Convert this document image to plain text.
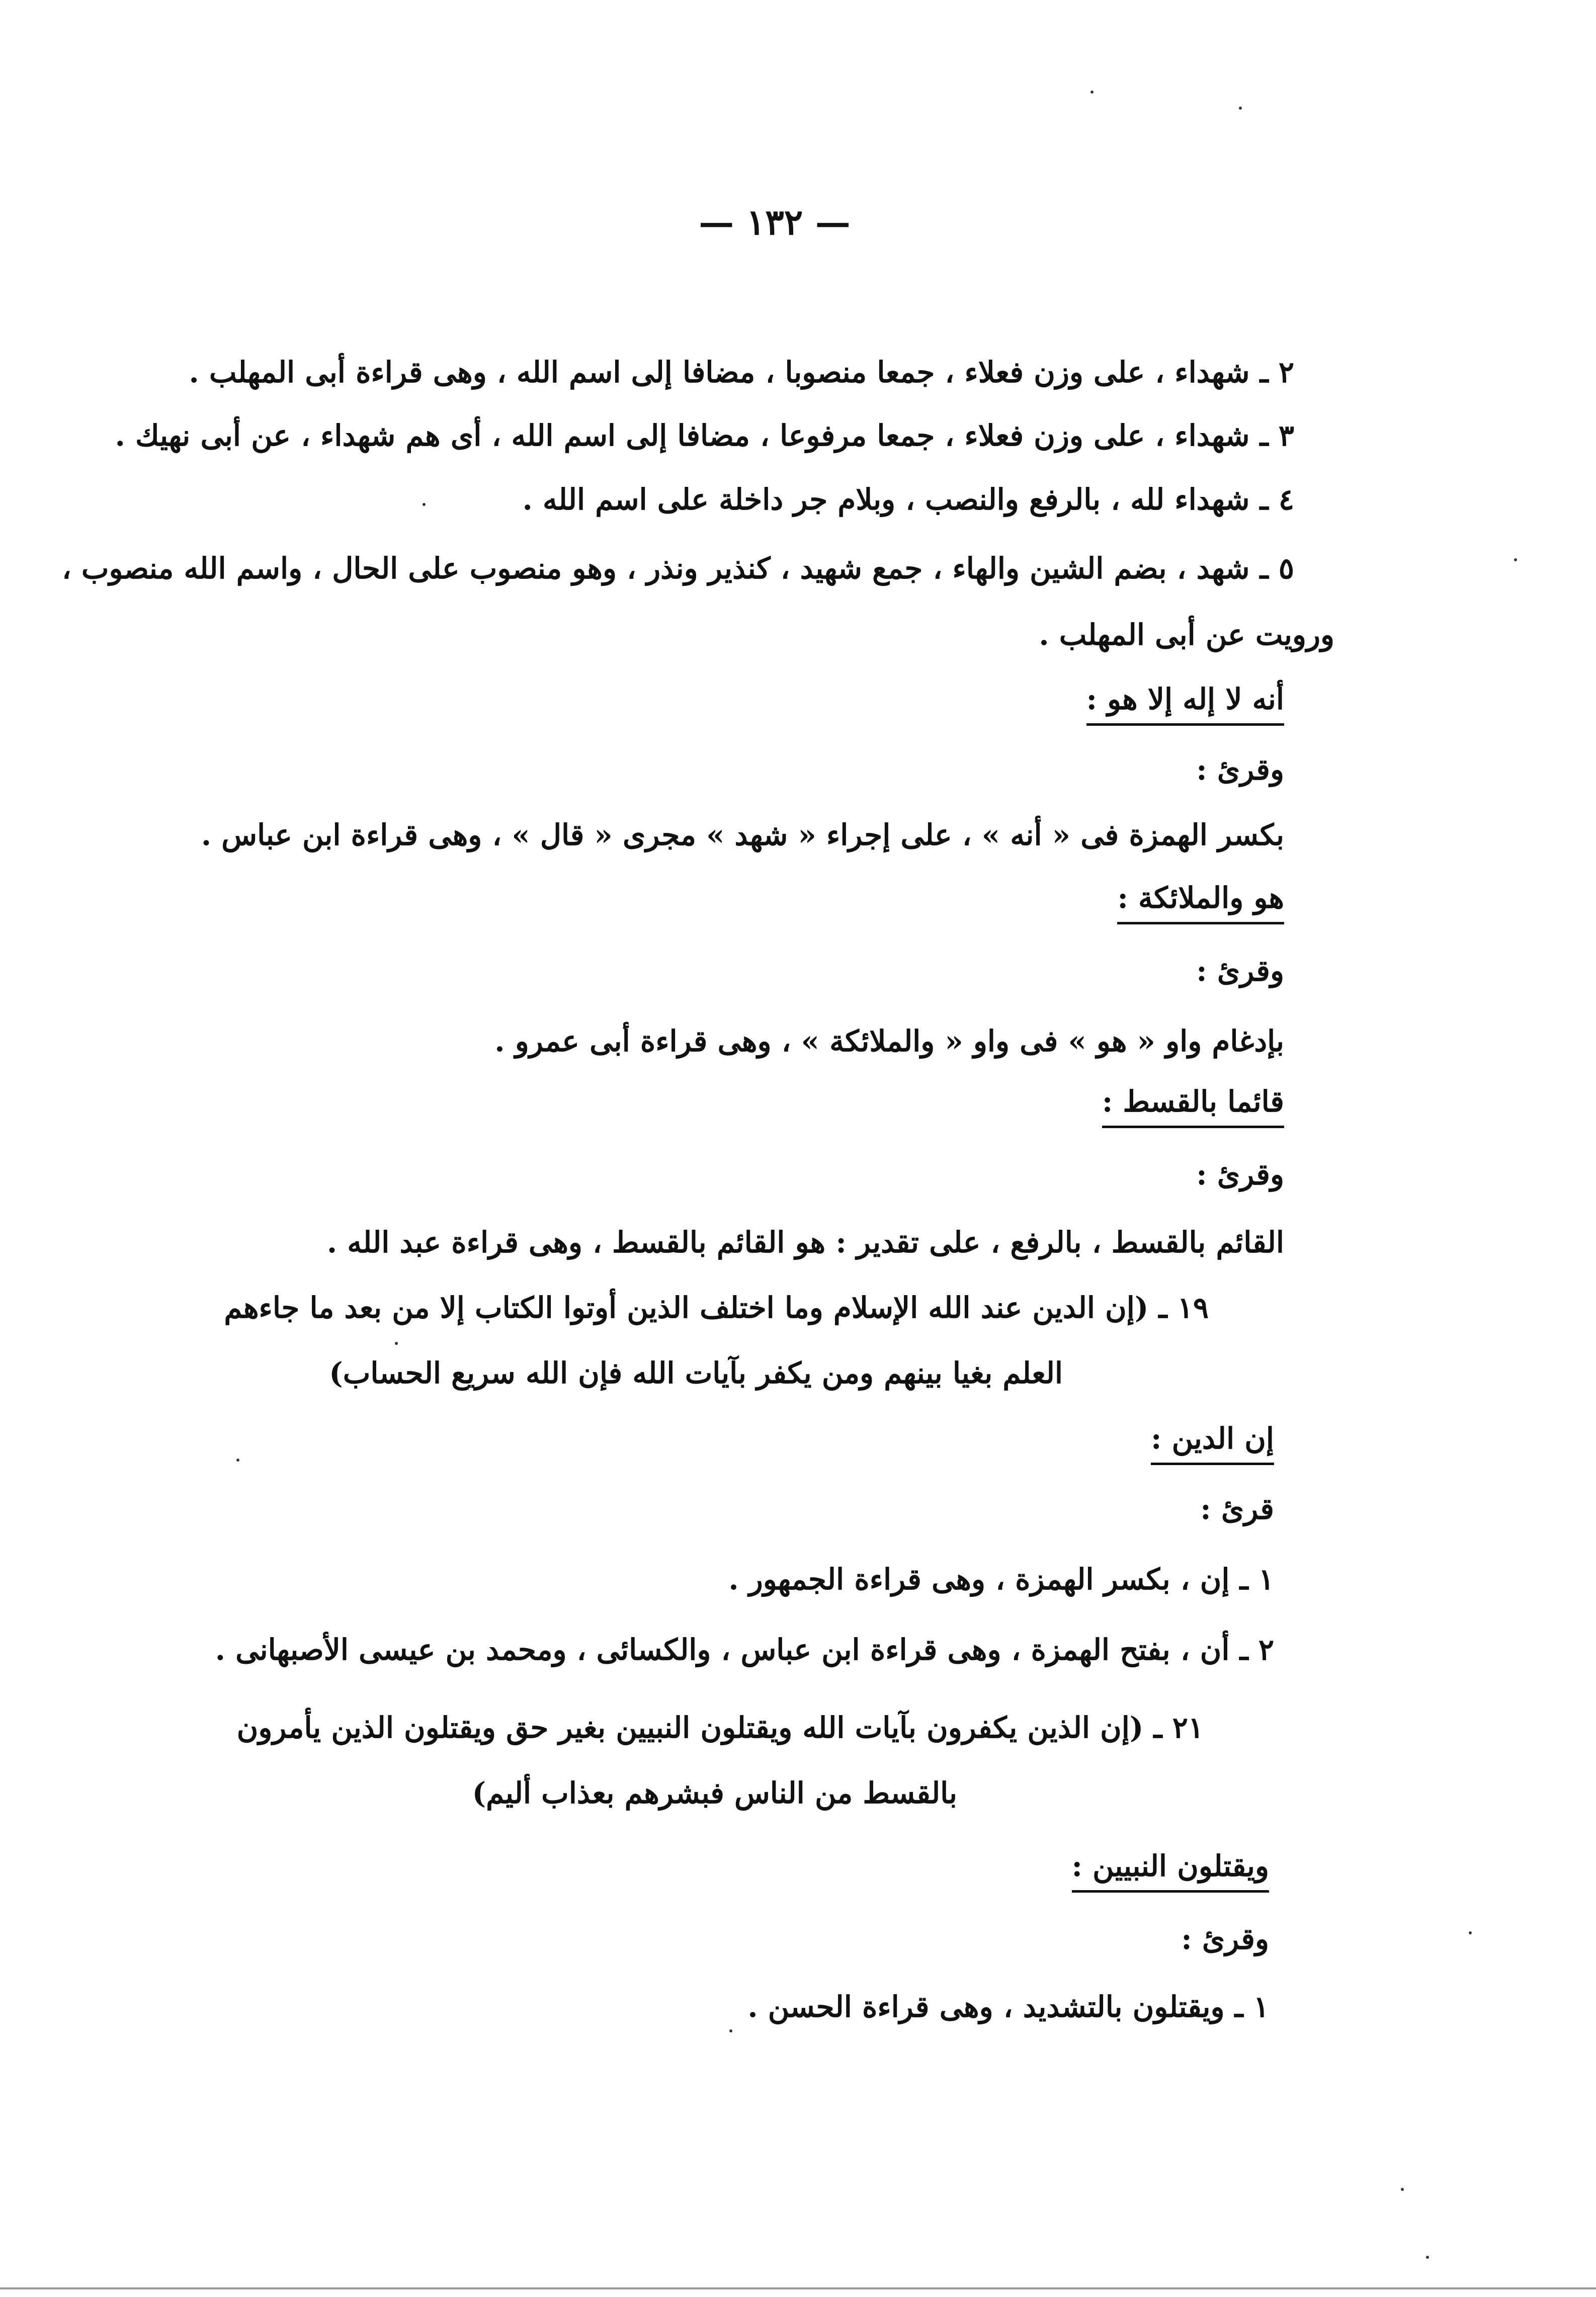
— ١٣٢ —
٢ ـ شهداء ، على وزن فعلاء ، جمعا منصوبا ، مضافا إلى اسم الله ، وهى قراءة أبى المهلب .
٣ ـ شهداء ، على وزن فعلاء ، جمعا مرفوعا ، مضافا إلى اسم الله ، أى هم شهداء ، عن أبى نهيك .
٤ ـ شهداء لله ، بالرفع والنصب ، وبلام جر داخلة على اسم الله .
٥ ـ شهد ، بضم الشين والهاء ، جمع شهيد ، كنذير ونذر ، وهو منصوب على الحال ، واسم الله منصوب ،
ورويت عن أبى المهلب .
أنه لا إله إلا هو :
وقرئ :
بكسر الهمزة فى « أنه » ، على إجراء « شهد » مجرى « قال » ، وهى قراءة ابن عباس .
هو والملائكة :
وقرئ :
بإدغام واو « هو » فى واو « والملائكة » ، وهى قراءة أبى عمرو .
قائما بالقسط :
وقرئ :
القائم بالقسط ، بالرفع ، على تقدير : هو القائم بالقسط ، وهى قراءة عبد الله .
١٩ ـ (إن الدين عند الله الإسلام وما اختلف الذين أوتوا الكتاب إلا من بعد ما جاءهم
العلم بغيا بينهم ومن يكفر بآيات الله فإن الله سريع الحساب)
إن الدين :
قرئ :
١ ـ إن ، بكسر الهمزة ، وهى قراءة الجمهور .
٢ ـ أن ، بفتح الهمزة ، وهى قراءة ابن عباس ، والكسائى ، ومحمد بن عيسى الأصبهانى .
٢١ ـ (إن الذين يكفرون بآيات الله ويقتلون النبيين بغير حق ويقتلون الذين يأمرون
بالقسط من الناس فبشرهم بعذاب أليم)
ويقتلون النبيين :
وقرئ :
١ ـ ويقتلون بالتشديد ، وهى قراءة الحسن .
